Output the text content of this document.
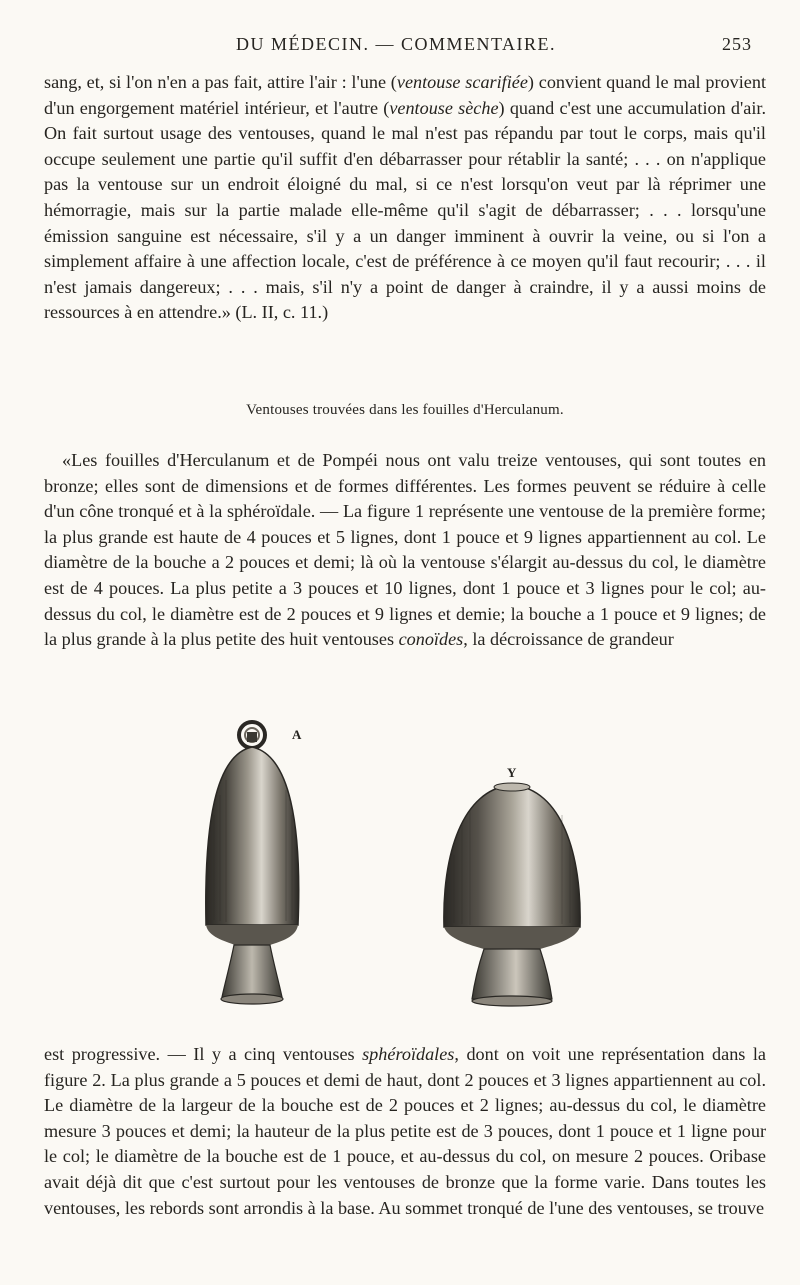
DU MÉDECIN. — COMMENTAIRE.	253

sang, et, si l'on n'en a pas fait, attire l'air : l'une (ventouse scarifiée) convient quand le mal provient d'un engorgement matériel intérieur, et l'autre (ventouse sèche) quand c'est une accumulation d'air. On fait surtout usage des ventouses, quand le mal n'est pas répandu par tout le corps, mais qu'il occupe seulement une partie qu'il suffit d'en débarrasser pour rétablir la santé; . . . on n'applique pas la ventouse sur un endroit éloigné du mal, si ce n'est lorsqu'on veut par là réprimer une hémorragie, mais sur la partie malade elle-même qu'il s'agit de débarrasser; . . . lorsqu'une émission sanguine est nécessaire, s'il y a un danger imminent à ouvrir la veine, ou si l'on a simplement affaire à une affection locale, c'est de préférence à ce moyen qu'il faut recourir; . . . il n'est jamais dangereux; . . . mais, s'il n'y a point de danger à craindre, il y a aussi moins de ressources à en attendre.» (L. II, c. 11.)

Ventouses trouvées dans les fouilles d'Herculanum.

«Les fouilles d'Herculanum et de Pompéi nous ont valu treize ventouses, qui sont toutes en bronze; elles sont de dimensions et de formes différentes. Les formes peuvent se réduire à celle d'un cône tronqué et à la sphéroïdale. — La figure 1 représente une ventouse de la première forme; la plus grande est haute de 4 pouces et 5 lignes, dont 1 pouce et 9 lignes appartiennent au col. Le diamètre de la bouche a 2 pouces et demi; là où la ventouse s'élargit au-dessus du col, le diamètre est de 4 pouces. La plus petite a 3 pouces et 10 lignes, dont 1 pouce et 3 lignes pour le col; au-dessus du col, le diamètre est de 2 pouces et 9 lignes et demie; la bouche a 1 pouce et 9 lignes; de la plus grande à la plus petite des huit ventouses conoïdes, la décroissance de grandeur

A
Y

est progressive. — Il y a cinq ventouses sphéroïdales, dont on voit une représentation dans la figure 2. La plus grande a 5 pouces et demi de haut, dont 2 pouces et 3 lignes appartiennent au col. Le diamètre de la largeur de la bouche est de 2 pouces et 2 lignes; au-dessus du col, le diamètre mesure 3 pouces et demi; la hauteur de la plus petite est de 3 pouces, dont 1 pouce et 1 ligne pour le col; le diamètre de la bouche est de 1 pouce, et au-dessus du col, on mesure 2 pouces. Oribase avait déjà dit que c'est surtout pour les ventouses de bronze que la forme varie. Dans toutes les ventouses, les rebords sont arrondis à la base. Au sommet tronqué de l'une des ventouses, se trouve
